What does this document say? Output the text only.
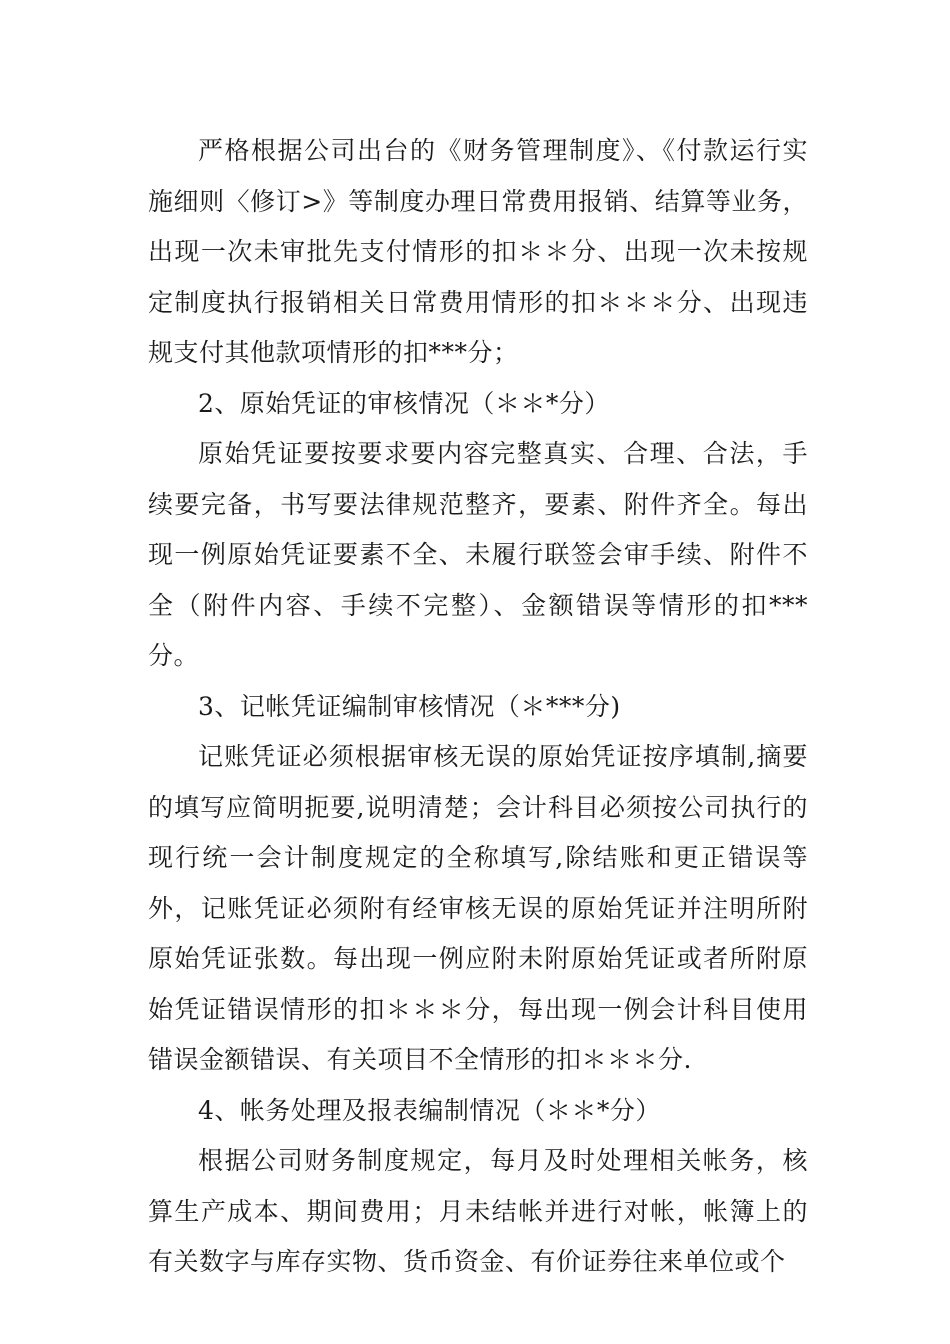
严格根据公司出台的《财务管理制度》、《付款运行实施细则〈修订>》等制度办理日常费用报销、结算等业务，出现一次未审批先支付情形的扣＊＊分、出现一次未按规定制度执行报销相关日常费用情形的扣＊＊＊分、出现违规支付其他款项情形的扣***分；

2、原始凭证的审核情况（＊＊*分）

原始凭证要按要求要内容完整真实、合理、合法，手续要完备，书写要法律规范整齐，要素、附件齐全。每出现一例原始凭证要素不全、未履行联签会审手续、附件不全（附件内容、手续不完整）、金额错误等情形的扣***分。

3、记帐凭证编制审核情况（＊***分)

记账凭证必须根据审核无误的原始凭证按序填制,摘要的填写应简明扼要,说明清楚；会计科目必须按公司执行的现行统一会计制度规定的全称填写,除结账和更正错误等外，记账凭证必须附有经审核无误的原始凭证并注明所附原始凭证张数。每出现一例应附未附原始凭证或者所附原始凭证错误情形的扣＊＊＊分，每出现一例会计科目使用错误金额错误、有关项目不全情形的扣＊＊＊分.

4、帐务处理及报表编制情况（＊＊*分）

根据公司财务制度规定，每月及时处理相关帐务，核算生产成本、期间费用；月未结帐并进行对帐，帐簿上的有关数字与库存实物、货币资金、有价证券往来单位或个
